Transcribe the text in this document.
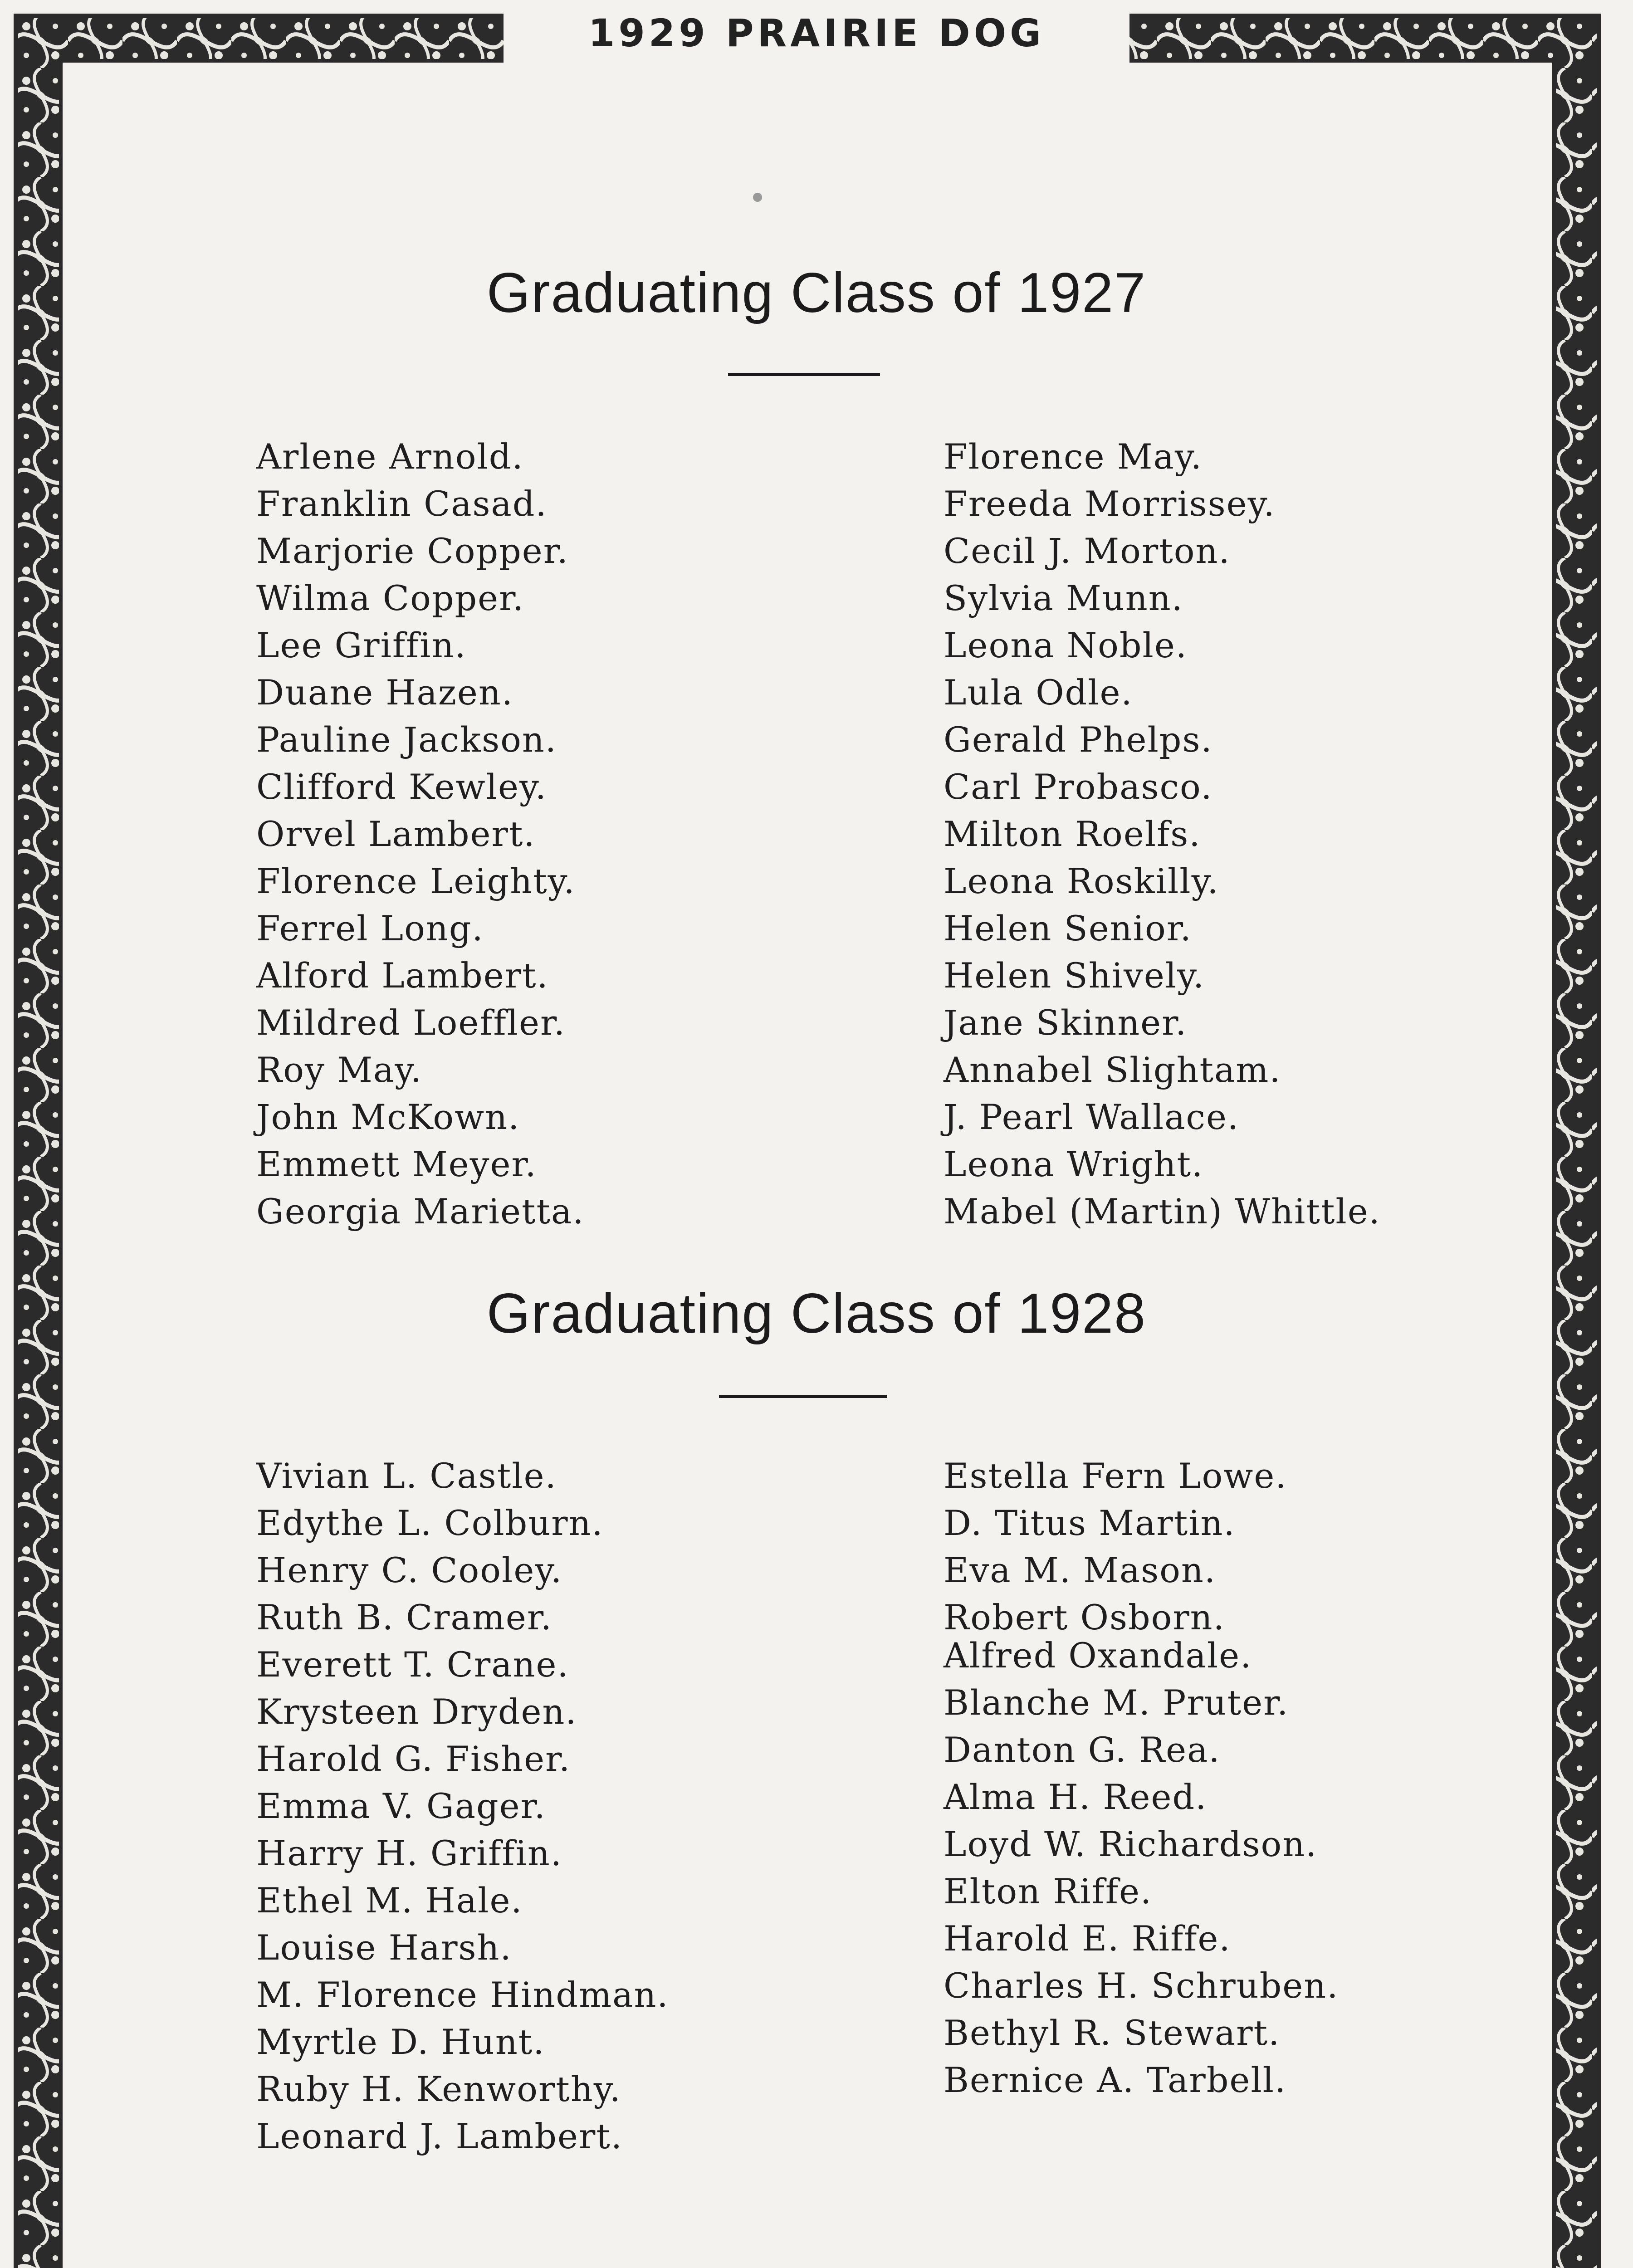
1929 PRAIRIE DOG
Graduating Class of 1927
Arlene Arnold.
Franklin Casad.
Marjorie Copper.
Wilma Copper.
Lee Griffin.
Duane Hazen.
Pauline Jackson.
Clifford Kewley.
Orvel Lambert.
Florence Leighty.
Ferrel Long.
Alford Lambert.
Mildred Loeffler.
Roy May.
John McKown.
Emmett Meyer.
Georgia Marietta.
Florence May.
Freeda Morrissey.
Cecil J. Morton.
Sylvia Munn.
Leona Noble.
Lula Odle.
Gerald Phelps.
Carl Probasco.
Milton Roelfs.
Leona Roskilly.
Helen Senior.
Helen Shively.
Jane Skinner.
Annabel Slightam.
J. Pearl Wallace.
Leona Wright.
Mabel (Martin) Whittle.
Graduating Class of 1928
Vivian L. Castle.
Edythe L. Colburn.
Henry C. Cooley.
Ruth B. Cramer.
Everett T. Crane.
Krysteen Dryden.
Harold G. Fisher.
Emma V. Gager.
Harry H. Griffin.
Ethel M. Hale.
Louise Harsh.
M. Florence Hindman.
Myrtle D. Hunt.
Ruby H. Kenworthy.
Leonard J. Lambert.
Estella Fern Lowe.
D. Titus Martin.
Eva M. Mason.
Robert Osborn.
Alfred Oxandale.
Blanche M. Pruter.
Danton G. Rea.
Alma H. Reed.
Loyd W. Richardson.
Elton Riffe.
Harold E. Riffe.
Charles H. Schruben.
Bethyl R. Stewart.
Bernice A. Tarbell.
